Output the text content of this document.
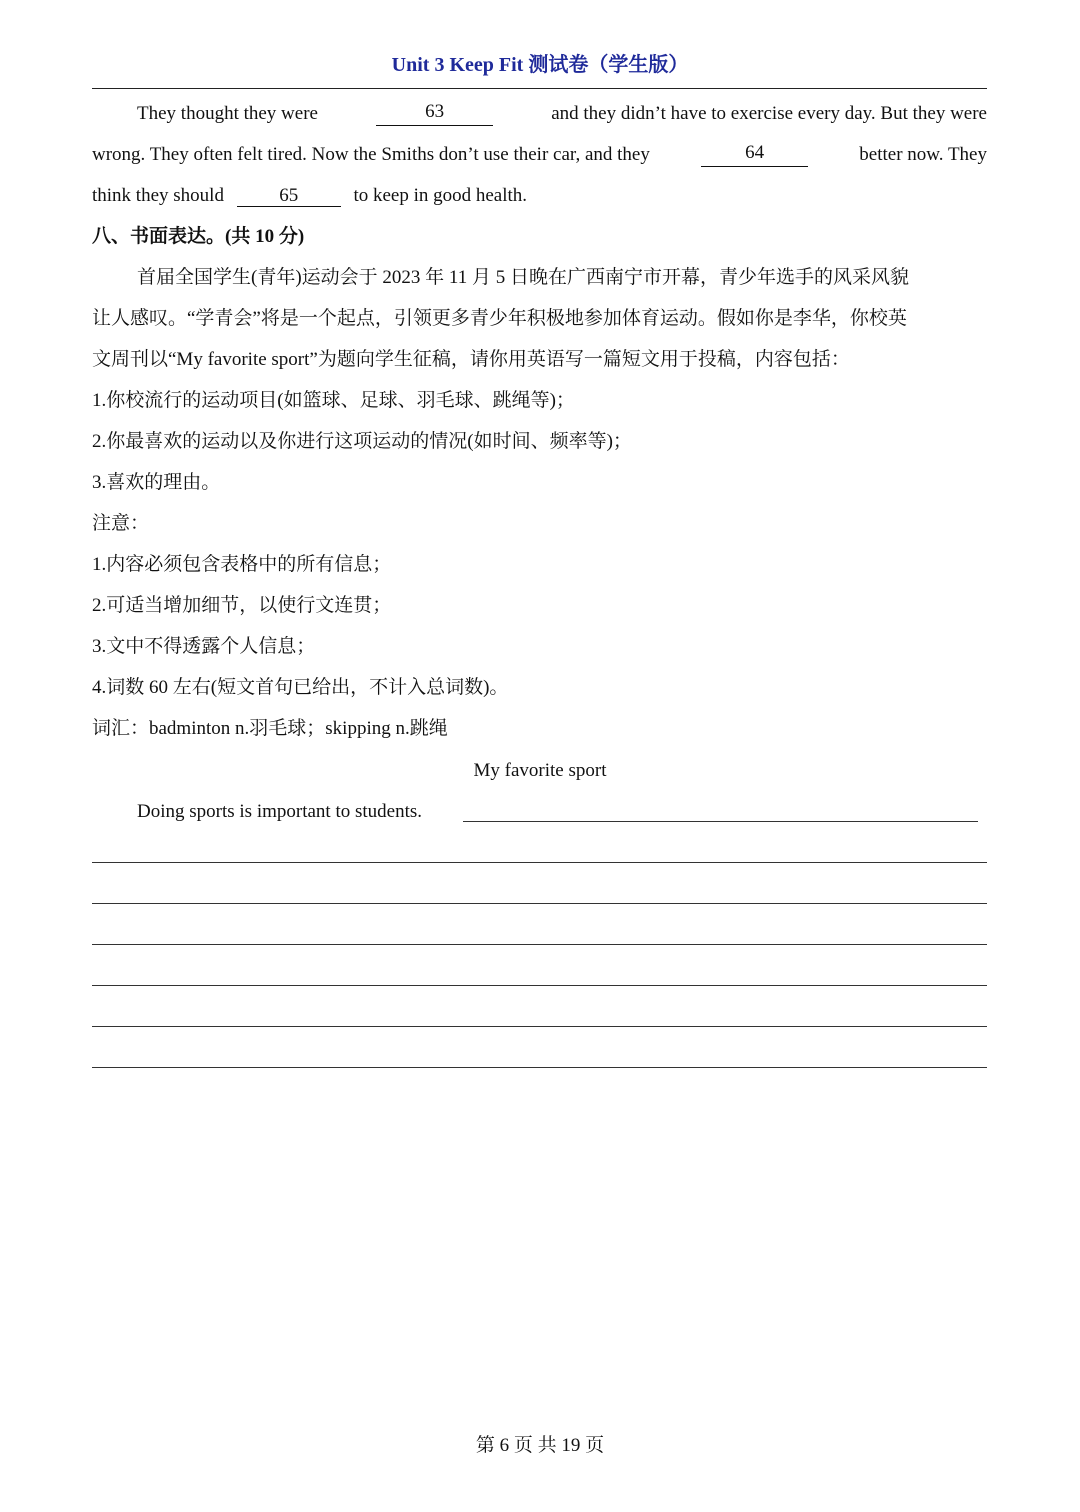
Unit 3 Keep Fit 测试卷（学生版）
They thought they were	63	and they didn’t have to exercise every day. But they were
wrong. They often felt tired. Now the Smiths don’t use their car, and they	64	better now. They
think they should	65	to keep in good health.
八、书面表达。(共 10 分)
首届全国学生(青年)运动会于 2023 年 11 月 5 日晚在广西南宁市开幕，青少年选手的风采风貌
让人感叹。“学青会”将是一个起点，引领更多青少年积极地参加体育运动。假如你是李华，你校英
文周刊以“My favorite sport”为题向学生征稿，请你用英语写一篇短文用于投稿，内容包括：
1.你校流行的运动项目(如篮球、足球、羽毛球、跳绳等)；
2.你最喜欢的运动以及你进行这项运动的情况(如时间、频率等)；
3.喜欢的理由。
注意：
1.内容必须包含表格中的所有信息；
2.可适当增加细节，以使行文连贯；
3.文中不得透露个人信息；
4.词数 60 左右(短文首句已给出，不计入总词数)。
词汇：badminton n.羽毛球；skipping n.跳绳
My favorite sport
Doing sports is important to students.
第 6 页 共 19 页
